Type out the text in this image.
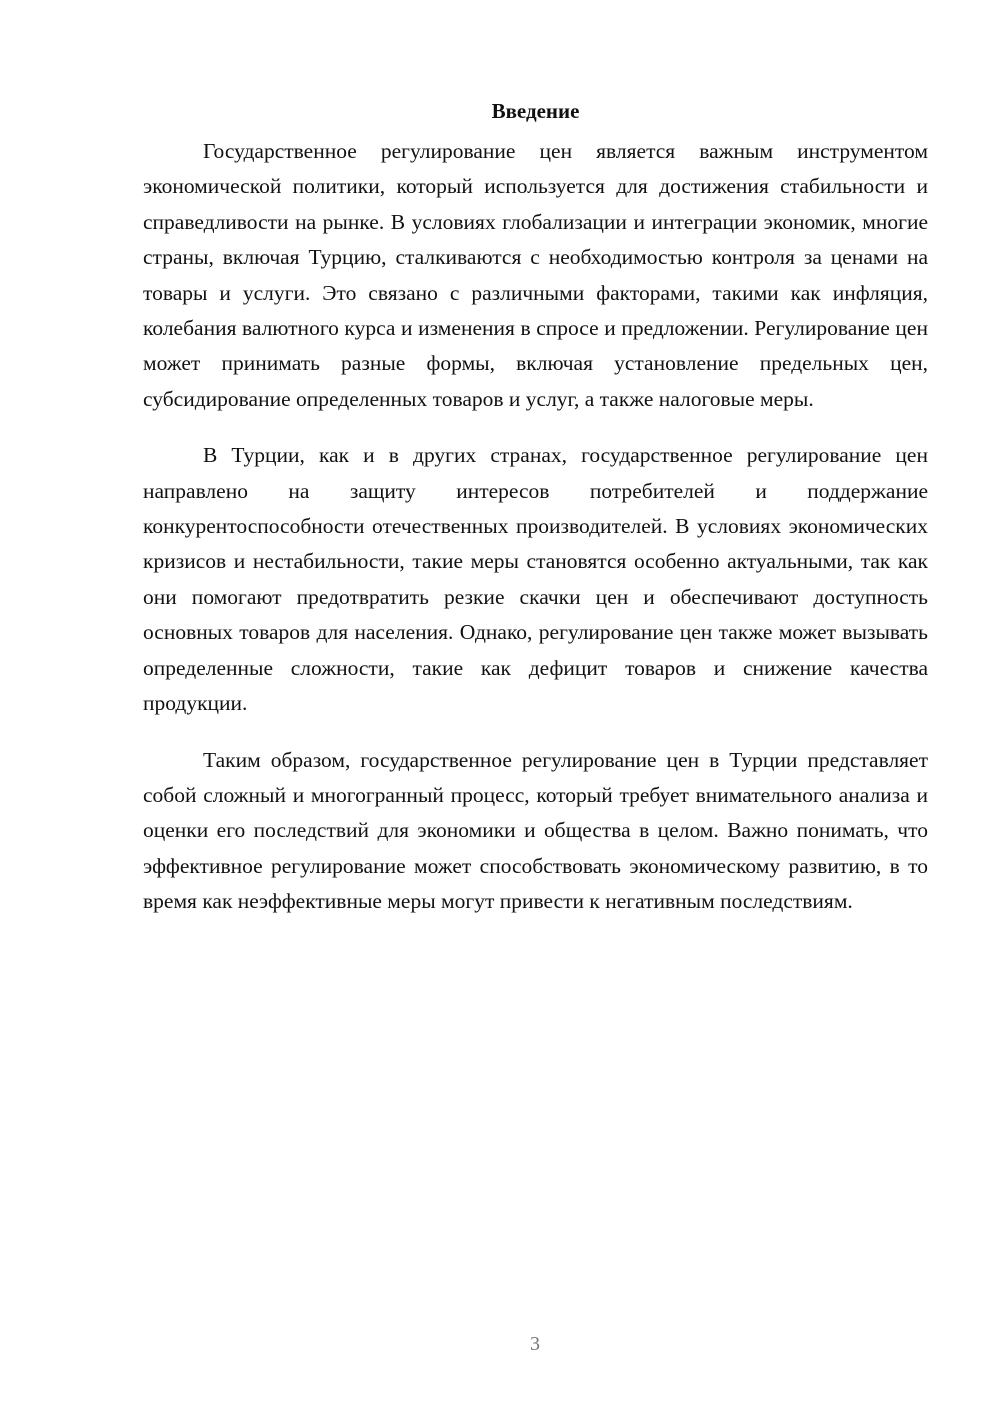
Введение

Государственное регулирование цен является важным инструментом экономической политики, который используется для достижения стабильности и справедливости на рынке. В условиях глобализации и интеграции экономик, многие страны, включая Турцию, сталкиваются с необходимостью контроля за ценами на товары и услуги. Это связано с различными факторами, такими как инфляция, колебания валютного курса и изменения в спросе и предложении. Регулирование цен может принимать разные формы, включая установление предельных цен, субсидирование определенных товаров и услуг, а также налоговые меры.

В Турции, как и в других странах, государственное регулирование цен направлено на защиту интересов потребителей и поддержание конкурентоспособности отечественных производителей. В условиях экономических кризисов и нестабильности, такие меры становятся особенно актуальными, так как они помогают предотвратить резкие скачки цен и обеспечивают доступность основных товаров для населения. Однако, регулирование цен также может вызывать определенные сложности, такие как дефицит товаров и снижение качества продукции.

Таким образом, государственное регулирование цен в Турции представляет собой сложный и многогранный процесс, который требует внимательного анализа и оценки его последствий для экономики и общества в целом. Важно понимать, что эффективное регулирование может способствовать экономическому развитию, в то время как неэффективные меры могут привести к негативным последствиям.

3
